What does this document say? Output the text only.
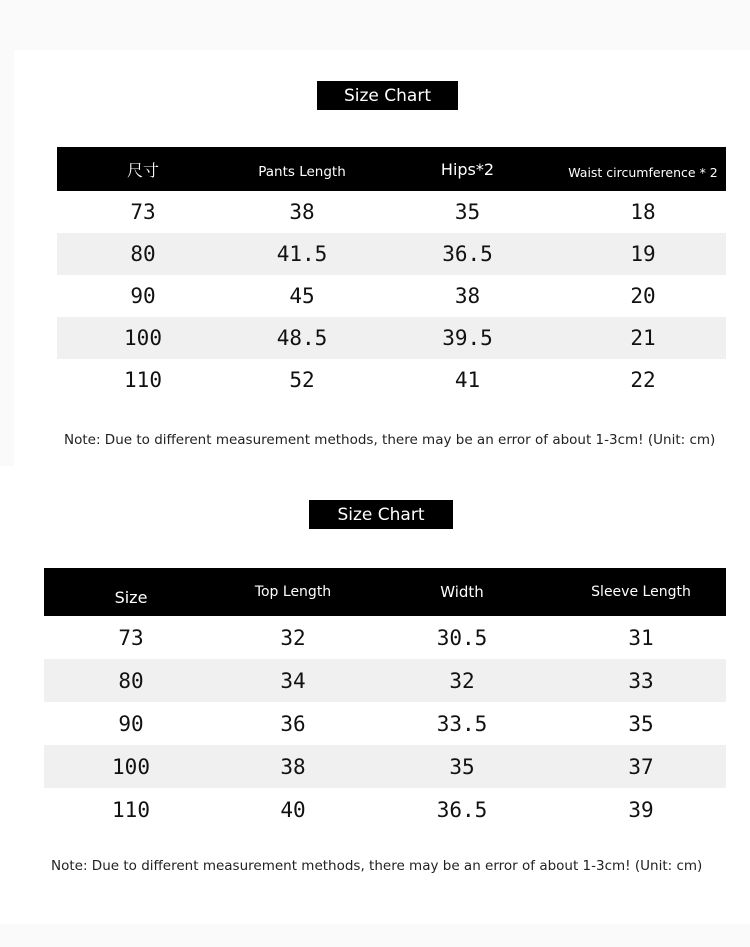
Size Chart
尺寸	Pants Length	Hips*2	Waist circumference * 2
73	38	35	18
80	41.5	36.5	19
90	45	38	20
100	48.5	39.5	21
110	52	41	22
Note: Due to different measurement methods, there may be an error of about 1-3cm! (Unit: cm)
Size Chart
Size	Top Length	Width	Sleeve Length
73	32	30.5	31
80	34	32	33
90	36	33.5	35
100	38	35	37
110	40	36.5	39
Note: Due to different measurement methods, there may be an error of about 1-3cm! (Unit: cm)
